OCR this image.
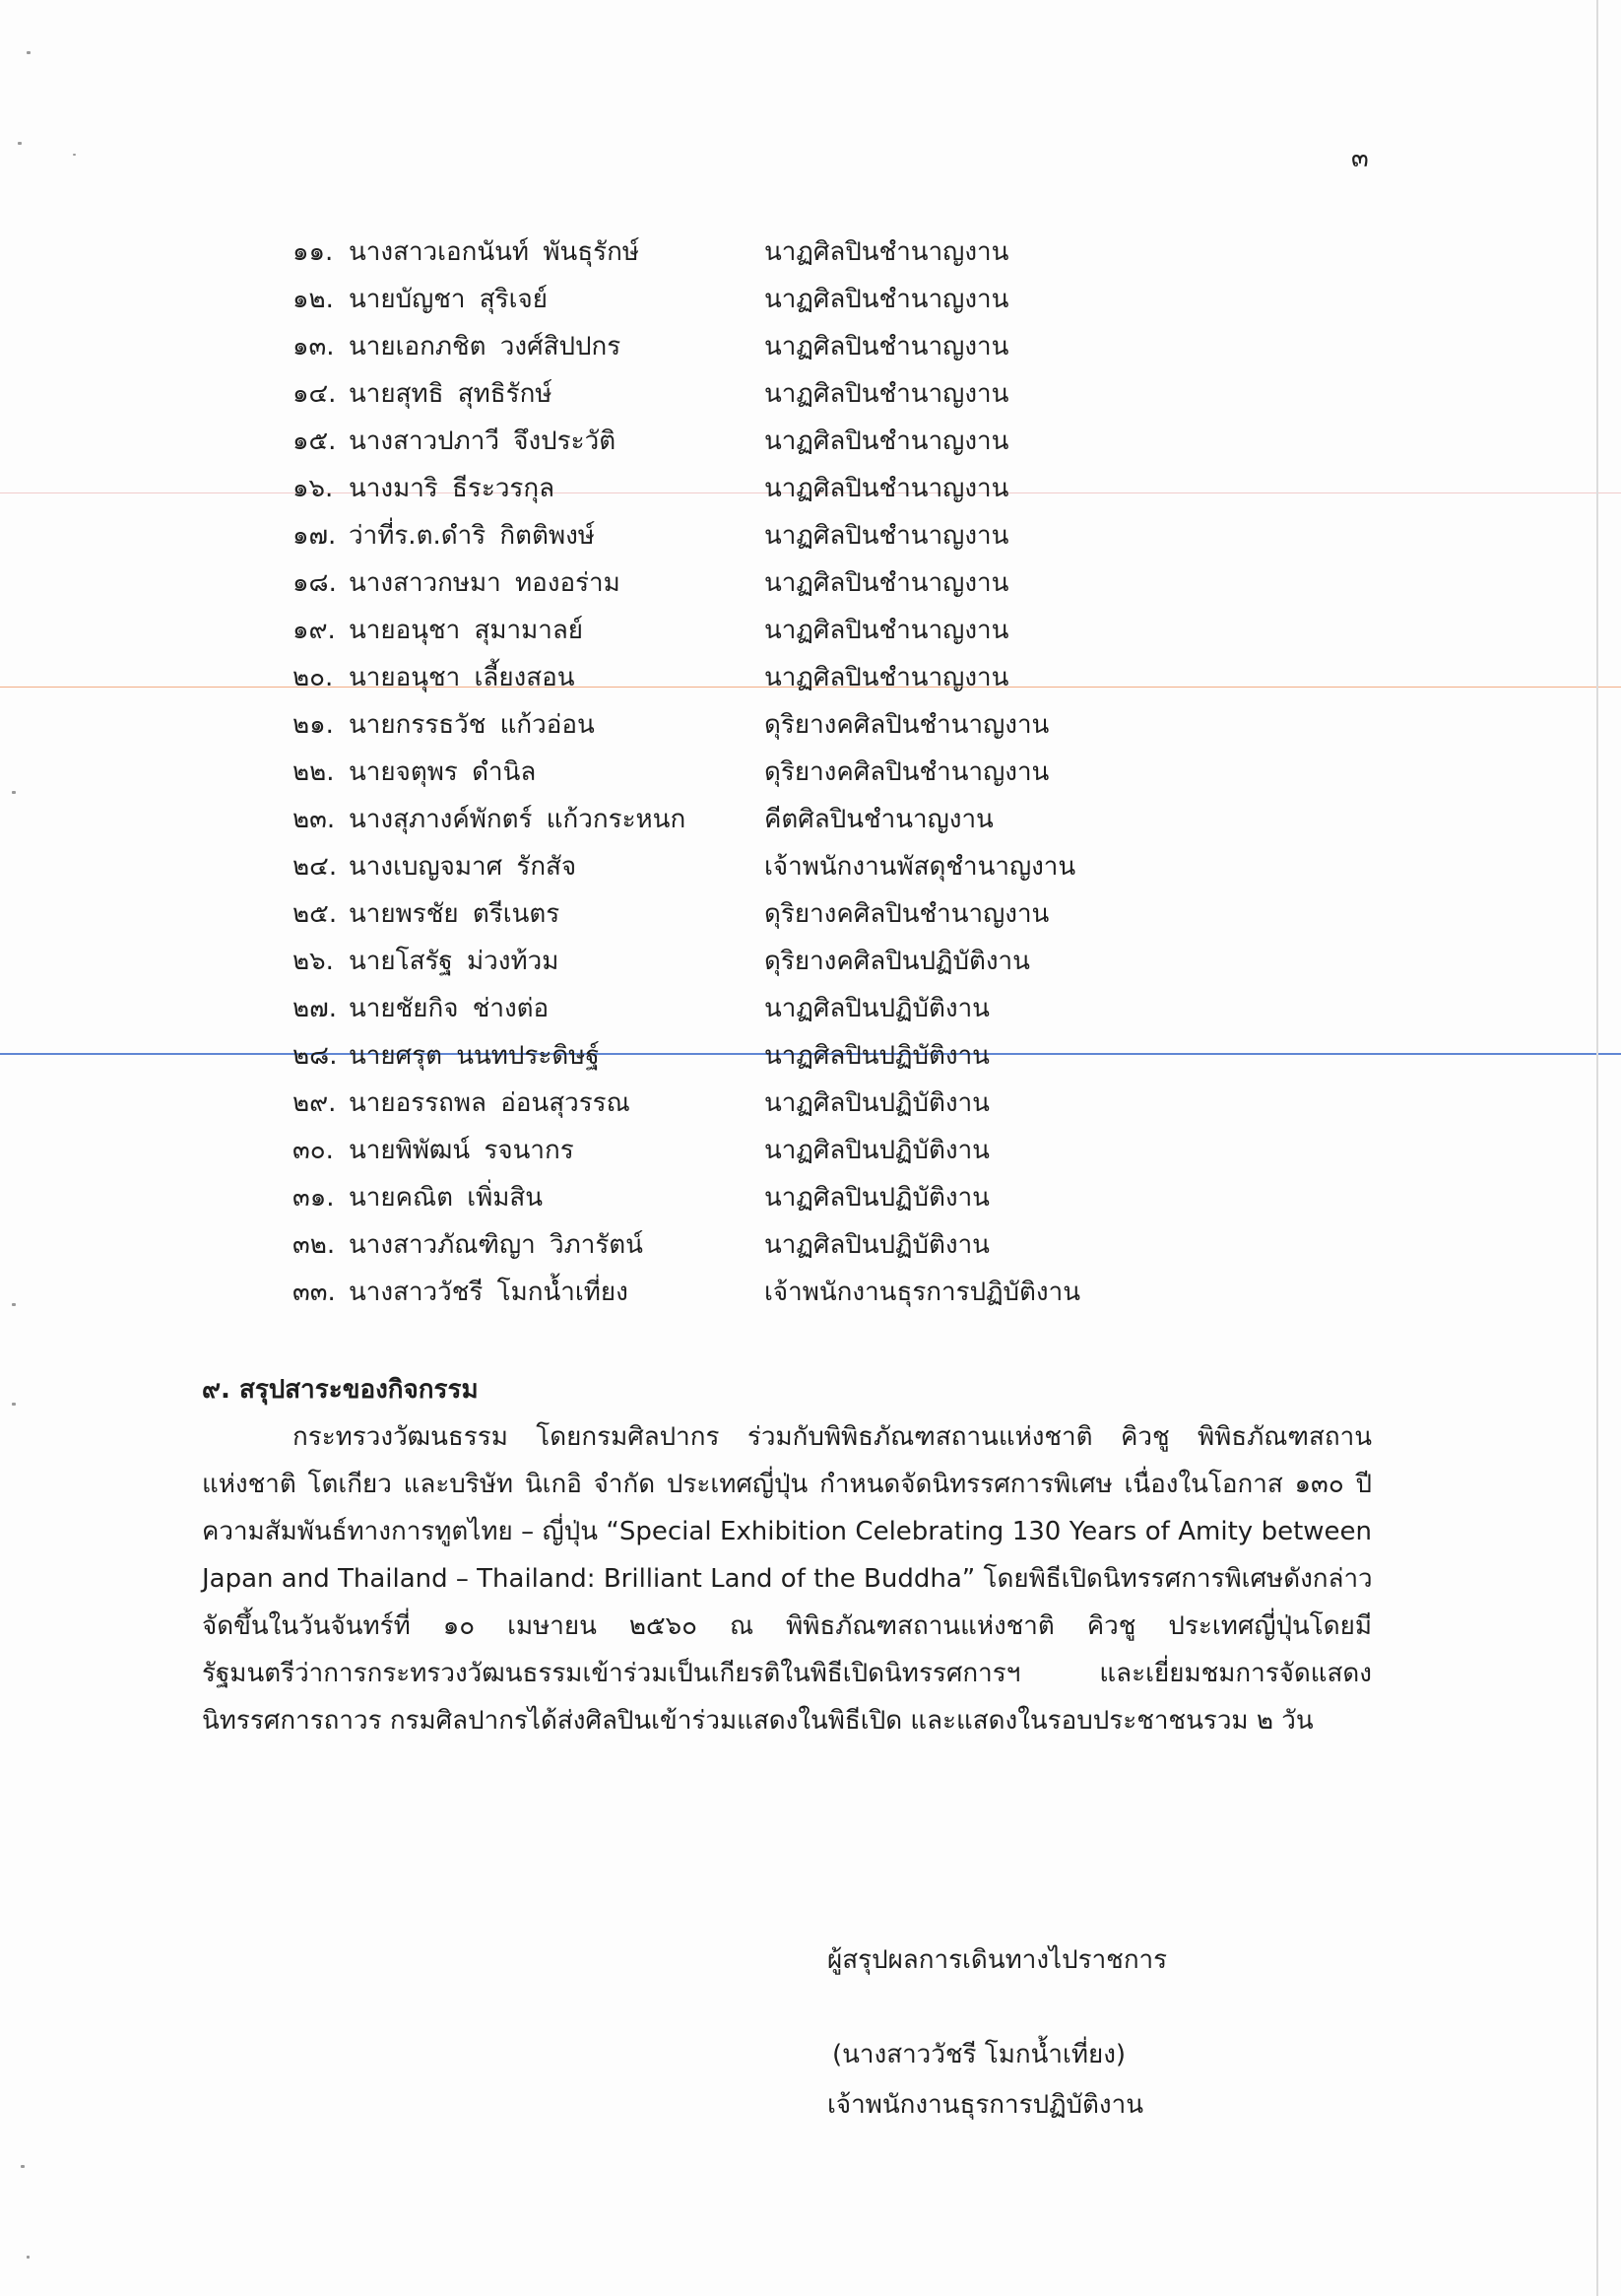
๓
๑๑. นางสาวเอกนันท์ พันธุรักษ์	นาฏศิลปินชำนาญงาน
๑๒. นายบัญชา สุริเจย์	นาฏศิลปินชำนาญงาน
๑๓. นายเอกภชิต วงศ์สิปปกร	นาฏศิลปินชำนาญงาน
๑๔. นายสุทธิ สุทธิรักษ์	นาฏศิลปินชำนาญงาน
๑๕. นางสาวปภาวี จึงประวัติ	นาฏศิลปินชำนาญงาน
๑๖. นางมาริ ธีระวรกุล	นาฏศิลปินชำนาญงาน
๑๗. ว่าที่ร.ต.ดำริ กิตติพงษ์	นาฏศิลปินชำนาญงาน
๑๘. นางสาวกษมา ทองอร่าม	นาฏศิลปินชำนาญงาน
๑๙. นายอนุชา สุมามาลย์	นาฏศิลปินชำนาญงาน
๒๐. นายอนุชา เลี้ยงสอน	นาฏศิลปินชำนาญงาน
๒๑. นายกรรธวัช แก้วอ่อน	ดุริยางคศิลปินชำนาญงาน
๒๒. นายจตุพร ดำนิล	ดุริยางคศิลปินชำนาญงาน
๒๓. นางสุภางค์พักตร์ แก้วกระหนก	คีตศิลปินชำนาญงาน
๒๔. นางเบญจมาศ รักสัจ	เจ้าพนักงานพัสดุชำนาญงาน
๒๕. นายพรชัย ตรีเนตร	ดุริยางคศิลปินชำนาญงาน
๒๖. นายโสรัฐ ม่วงท้วม	ดุริยางคศิลปินปฏิบัติงาน
๒๗. นายชัยกิจ ช่างต่อ	นาฏศิลปินปฏิบัติงาน
๒๘. นายศรุต นนทประดิษฐ์	นาฏศิลปินปฏิบัติงาน
๒๙. นายอรรถพล อ่อนสุวรรณ	นาฏศิลปินปฏิบัติงาน
๓๐. นายพิพัฒน์ รจนากร	นาฏศิลปินปฏิบัติงาน
๓๑. นายคณิต เพิ่มสิน	นาฏศิลปินปฏิบัติงาน
๓๒. นางสาวภัณฑิญา วิภารัตน์	นาฏศิลปินปฏิบัติงาน
๓๓. นางสาววัชรี โมกน้ำเที่ยง	เจ้าพนักงานธุรการปฏิบัติงาน
๙. สรุปสาระของกิจกรรม
กระทรวงวัฒนธรรม โดยกรมศิลปากร ร่วมกับพิพิธภัณฑสถานแห่งชาติ คิวชู พิพิธภัณฑสถาน
แห่งชาติ โตเกียว และบริษัท นิเกอิ จำกัด ประเทศญี่ปุ่น กำหนดจัดนิทรรศการพิเศษ เนื่องในโอกาส ๑๓๐ ปี
ความสัมพันธ์ทางการทูตไทย – ญี่ปุ่น “Special Exhibition Celebrating 130 Years of Amity between
Japan and Thailand – Thailand: Brilliant Land of the Buddha” โดยพิธีเปิดนิทรรศการพิเศษดังกล่าว
จัดขึ้นในวันจันทร์ที่ ๑๐ เมษายน ๒๕๖๐ ณ พิพิธภัณฑสถานแห่งชาติ คิวชู ประเทศญี่ปุ่นโดยมี
รัฐมนตรีว่าการกระทรวงวัฒนธรรมเข้าร่วมเป็นเกียรติในพิธีเปิดนิทรรศการฯ และเยี่ยมชมการจัดแสดง
นิทรรศการถาวร กรมศิลปากรได้ส่งศิลปินเข้าร่วมแสดงในพิธีเปิด และแสดงในรอบประชาชนรวม ๒ วัน
ผู้สรุปผลการเดินทางไปราชการ
(นางสาววัชรี โมกน้ำเที่ยง)
เจ้าพนักงานธุรการปฏิบัติงาน
